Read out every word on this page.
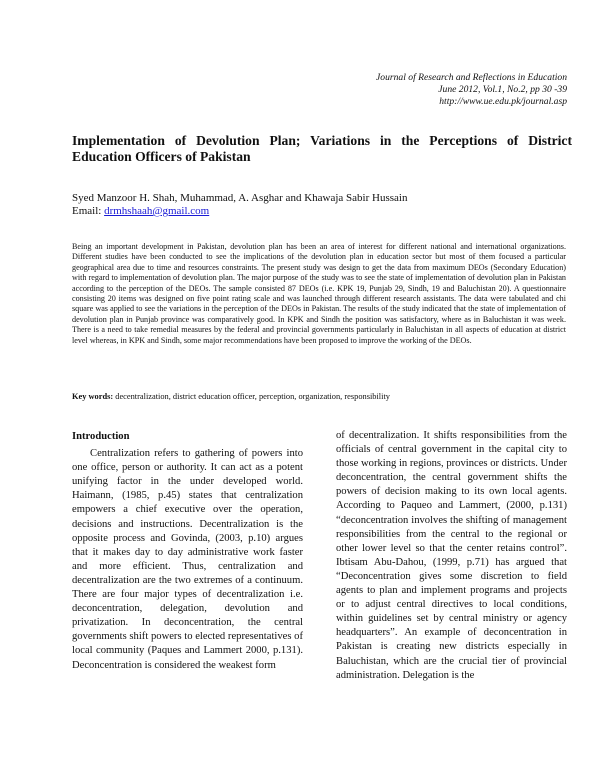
Journal of Research and Reflections in Education
June 2012, Vol.1, No.2, pp 30 -39
http://www.ue.edu.pk/journal.asp
Implementation of Devolution Plan; Variations in the Perceptions of District Education Officers of Pakistan
Syed Manzoor H. Shah, Muhammad, A. Asghar and Khawaja Sabir Hussain
Email: drmhshaah@gmail.com
Being an important development in Pakistan, devolution plan has been an area of interest for different national and international organizations. Different studies have been conducted to see the implications of the devolution plan in education sector but most of them focused a particular geographical area due to time and resources constraints. The present study was design to get the data from maximum DEOs (Secondary Education) with regard to implementation of devolution plan. The major purpose of the study was to see the state of implementation of devolution plan in Pakistan according to the perception of the DEOs. The sample consisted 87 DEOs (i.e. KPK 19, Punjab 29, Sindh, 19 and Baluchistan 20). A questionnaire consisting 20 items was designed on five point rating scale and was launched through different research assistants. The data were tabulated and chi square was applied to see the variations in the perception of the DEOs in Pakistan. The results of the study indicated that the state of implementation of devolution plan in Punjab province was comparatively good. In KPK and Sindh the position was satisfactory, where as in Baluchistan it was week. There is a need to take remedial measures by the federal and provincial governments particularly in Baluchistan in all aspects of education at district level whereas, in KPK and Sindh, some major recommendations have been proposed to improve the working of the DEOs.
Key words: decentralization, district education officer, perception, organization, responsibility
Introduction

Centralization refers to gathering of powers into one office, person or authority. It can act as a potent unifying factor in the under developed world. Haimann, (1985, p.45) states that centralization empowers a chief executive over the operation, decisions and instructions. Decentralization is the opposite process and Govinda, (2003, p.10) argues that it makes day to day administrative work faster and more efficient. Thus, centralization and decentralization are the two extremes of a continuum. There are four major types of decentralization i.e. deconcentration, delegation, devolution and privatization. In deconcentration, the central governments shift powers to elected representatives of local community (Paques and Lammert 2000, p.131). Deconcentration is considered the weakest form

of decentralization. It shifts responsibilities from the officials of central government in the capital city to those working in regions, provinces or districts. Under deconcentration, the central government shifts the powers of decision making to its own local agents. According to Paqueo and Lammert, (2000, p.131) “deconcentration involves the shifting of management responsibilities from the central to the regional or other lower level so that the center retains control”. Ibtisam Abu-Dahou, (1999, p.71) has argued that “Deconcentration gives some discretion to field agents to plan and implement programs and projects or to adjust central directives to local conditions, within guidelines set by central ministry or agency headquarters”. An example of deconcentration in Pakistan is creating new districts especially in Baluchistan, which are the crucial tier of provincial administration. Delegation is the
